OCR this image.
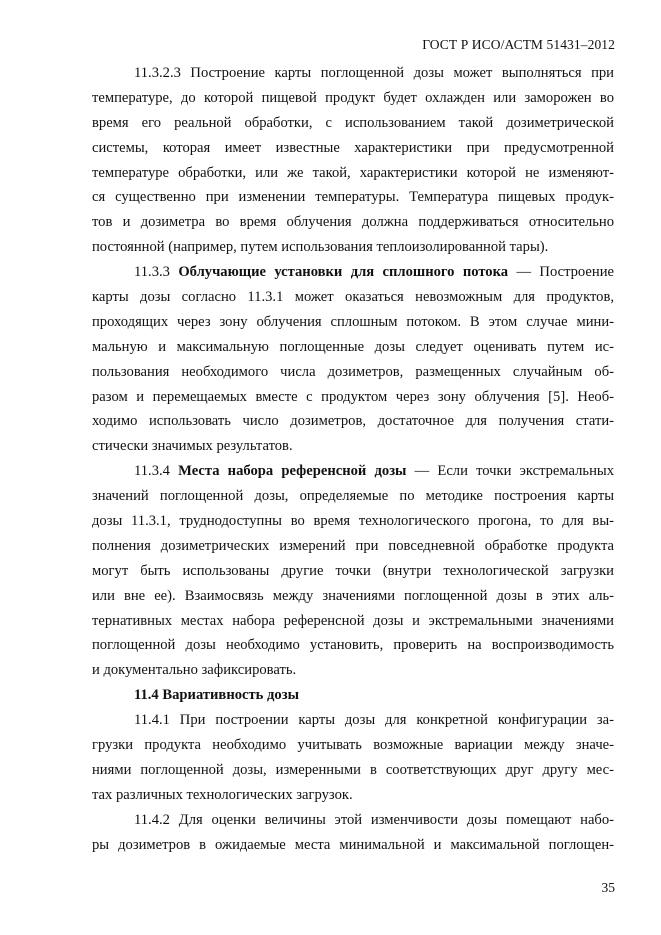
ГОСТ Р ИСО/АСТМ 51431–2012
11.3.2.3 Построение карты поглощенной дозы может выполняться при
температуре, до которой пищевой продукт будет охлажден или заморожен во
время его реальной обработки, с использованием такой дозиметрической
системы, которая имеет известные характеристики при предусмотренной
температуре обработки, или же такой, характеристики которой не изменяют-
ся существенно при изменении температуры. Температура пищевых продук-
тов и дозиметра во время облучения должна поддерживаться относительно
постоянной (например, путем использования теплоизолированной тары).
11.3.3 Облучающие установки для сплошного потока — Построение
карты дозы согласно 11.3.1 может оказаться невозможным для продуктов,
проходящих через зону облучения сплошным потоком. В этом случае мини-
мальную и максимальную поглощенные дозы следует оценивать путем ис-
пользования необходимого числа дозиметров, размещенных случайным об-
разом и перемещаемых вместе с продуктом через зону облучения [5]. Необ-
ходимо использовать число дозиметров, достаточное для получения стати-
стически значимых результатов.
11.3.4 Места набора референсной дозы — Если точки экстремальных
значений поглощенной дозы, определяемые по методике построения карты
дозы 11.3.1, труднодоступны во время технологического прогона, то для вы-
полнения дозиметрических измерений при повседневной обработке продукта
могут быть использованы другие точки (внутри технологической загрузки
или вне ее). Взаимосвязь между значениями поглощенной дозы в этих аль-
тернативных местах набора референсной дозы и экстремальными значениями
поглощенной дозы необходимо установить, проверить на воспроизводимость
и документально зафиксировать.
11.4 Вариативность дозы
11.4.1 При построении карты дозы для конкретной конфигурации за-
грузки продукта необходимо учитывать возможные вариации между значе-
ниями поглощенной дозы, измеренными в соответствующих друг другу мес-
тах различных технологических загрузок.
11.4.2 Для оценки величины этой изменчивости дозы помещают набо-
ры дозиметров в ожидаемые места минимальной и максимальной поглощен-
35
